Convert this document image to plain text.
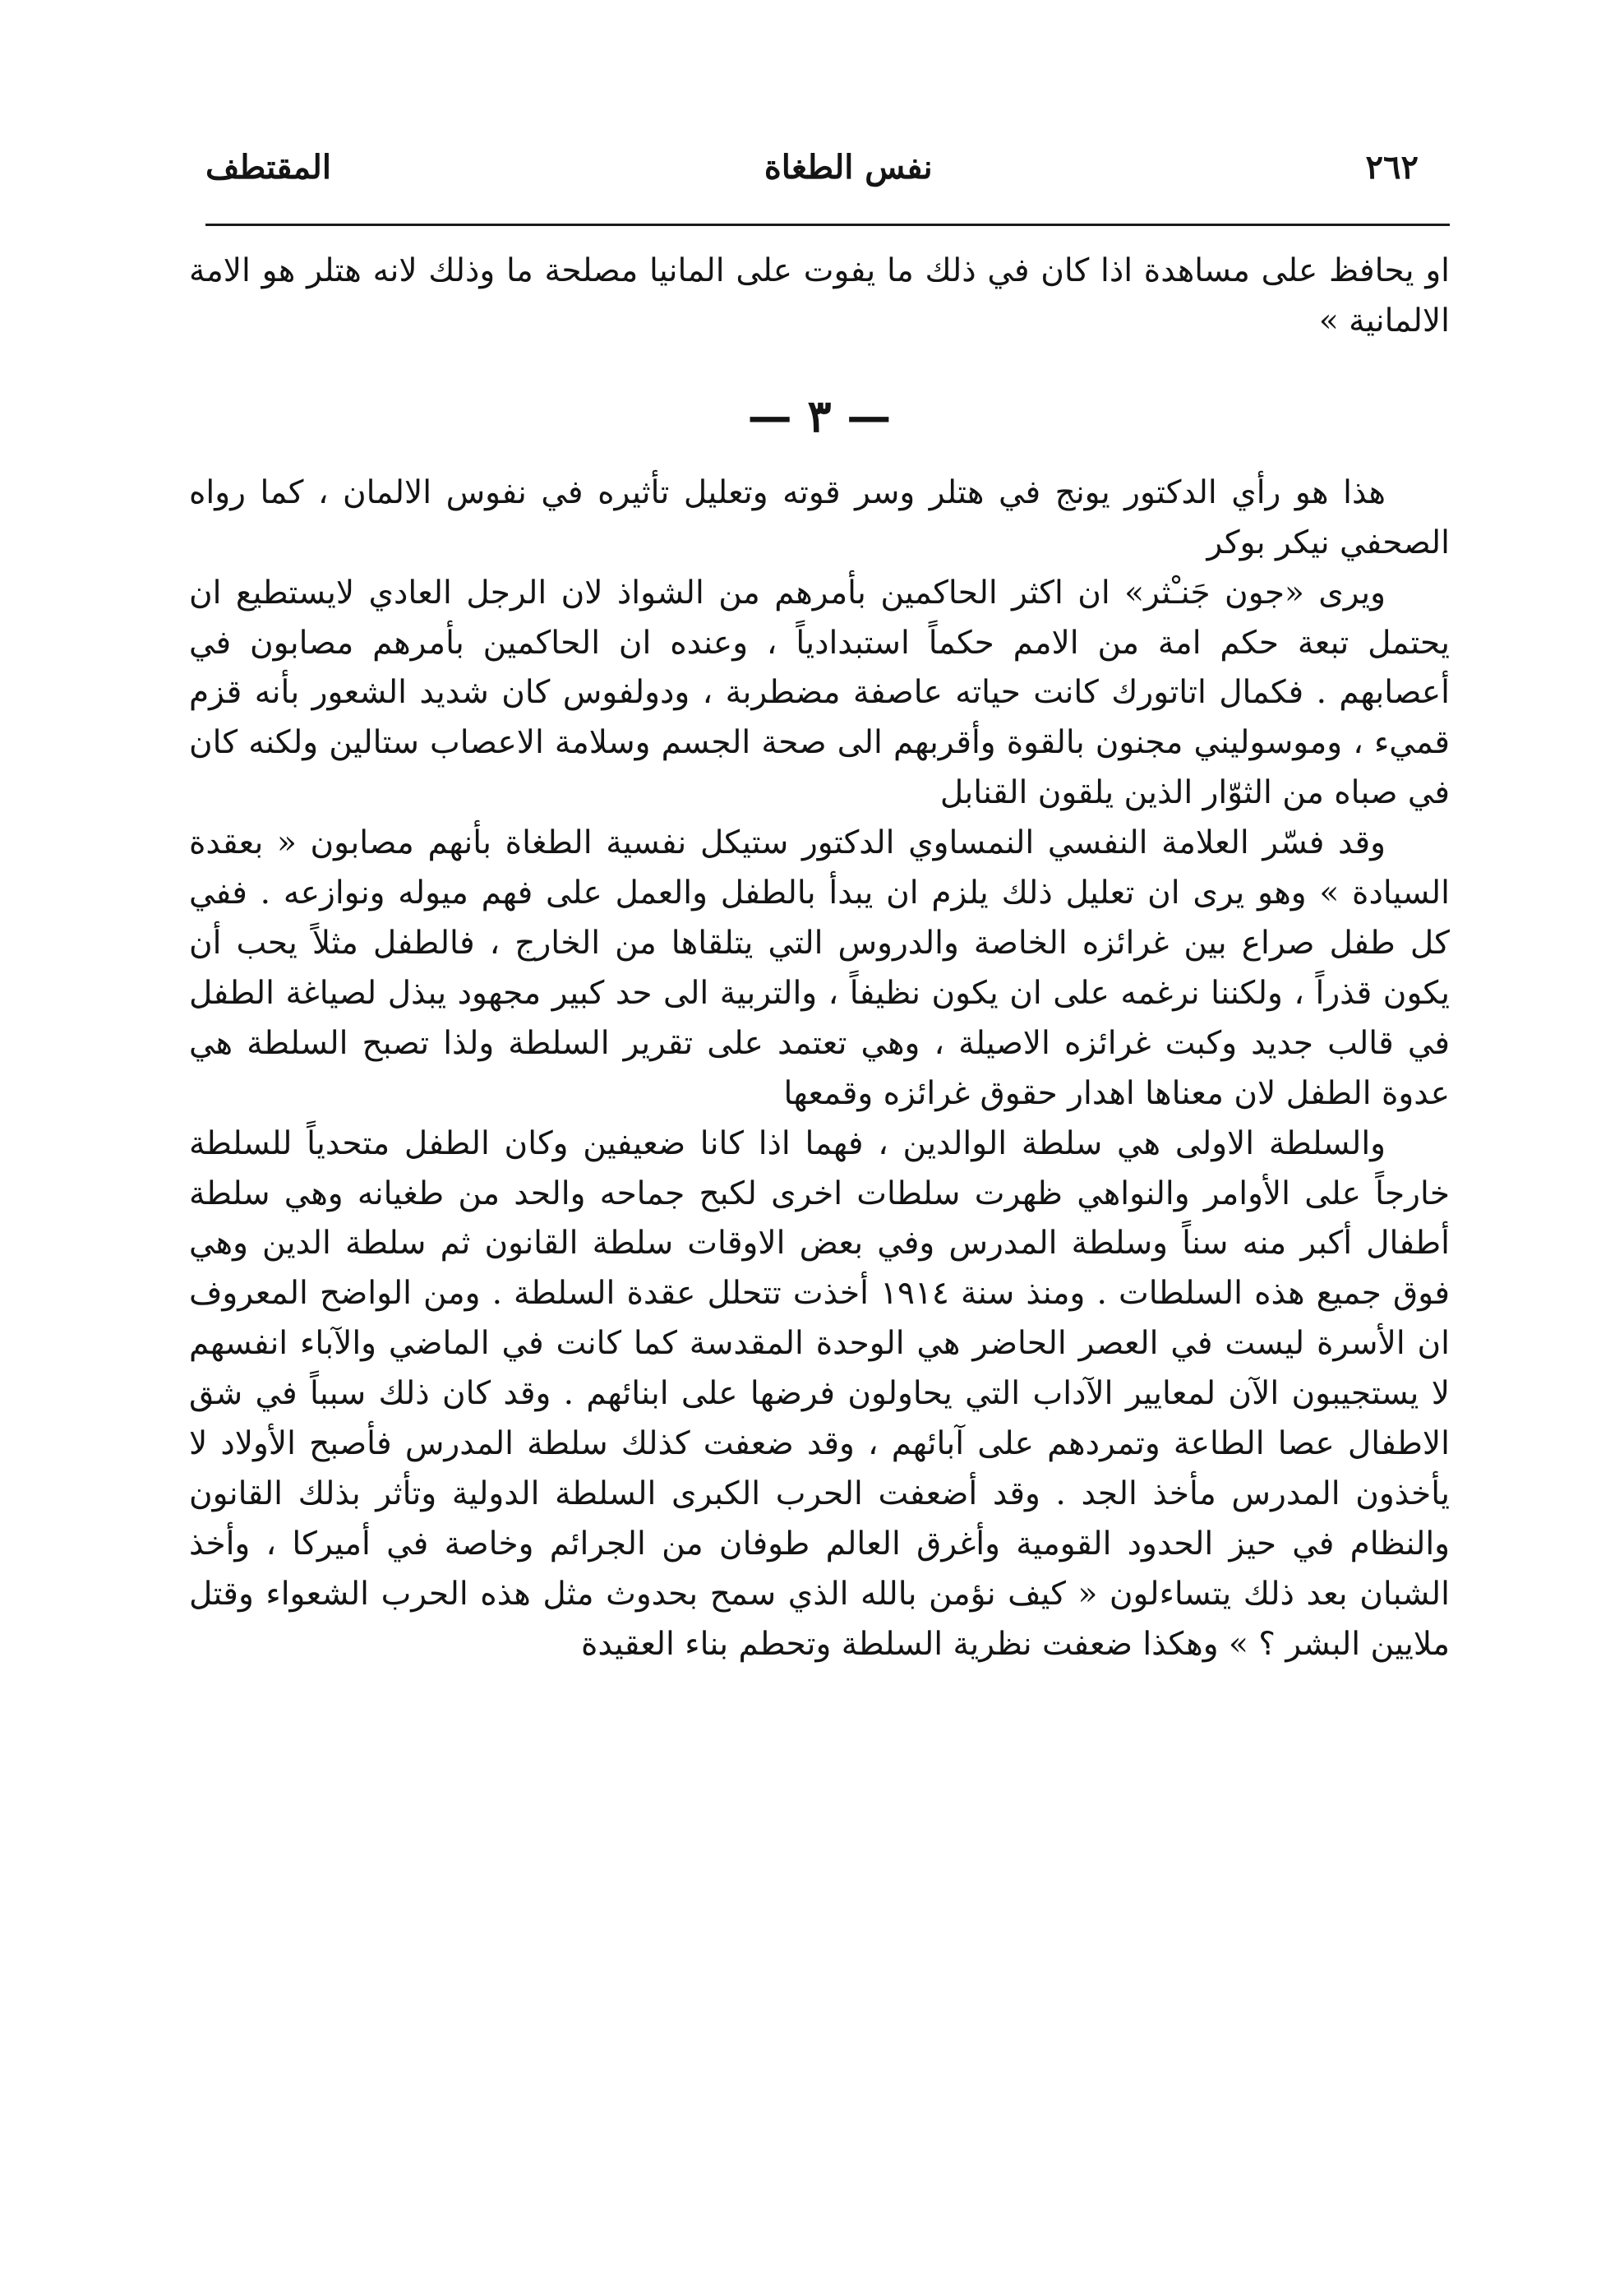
٢٦٢
نفس الطغاة
المقتطف

او يحافظ على مساهدة اذا كان في ذلك ما يفوت على المانيا مصلحة ما وذلك لانه هتلر هو الامة الالمانية »

— ٣ —

هذا هو رأي الدكتور يونج في هتلر وسر قوته وتعليل تأثيره في نفوس الالمان ، كما رواه الصحفي نيكر بوكر

ويرى «جون جَنـْثر» ان اكثر الحاكمين بأمرهم من الشواذ لان الرجل العادي لايستطيع ان يحتمل تبعة حكم امة من الامم حكماً استبدادياً ، وعنده ان الحاكمين بأمرهم مصابون في أعصابهم . فكمال اتاتورك كانت حياته عاصفة مضطربة ، ودولفوس كان شديد الشعور بأنه قزم قميء ، وموسوليني مجنون بالقوة وأقربهم الى صحة الجسم وسلامة الاعصاب ستالين ولكنه كان في صباه من الثوّار الذين يلقون القنابل

وقد فسّر العلامة النفسي النمساوي الدكتور ستيكل نفسية الطغاة بأنهم مصابون « بعقدة السيادة » وهو يرى ان تعليل ذلك يلزم ان يبدأ بالطفل والعمل على فهم ميوله ونوازعه . ففي كل طفل صراع بين غرائزه الخاصة والدروس التي يتلقاها من الخارج ، فالطفل مثلاً يحب أن يكون قذراً ، ولكننا نرغمه على ان يكون نظيفاً ، والتربية الى حد كبير مجهود يبذل لصياغة الطفل في قالب جديد وكبت غرائزه الاصيلة ، وهي تعتمد على تقرير السلطة ولذا تصبح السلطة هي عدوة الطفل لان معناها اهدار حقوق غرائزه وقمعها

والسلطة الاولى هي سلطة الوالدين ، فهما اذا كانا ضعيفين وكان الطفل متحدياً للسلطة خارجاً على الأوامر والنواهي ظهرت سلطات اخرى لكبح جماحه والحد من طغيانه وهي سلطة أطفال أكبر منه سناً وسلطة المدرس وفي بعض الاوقات سلطة القانون ثم سلطة الدين وهي فوق جميع هذه السلطات . ومنذ سنة ١٩١٤ أخذت تتحلل عقدة السلطة . ومن الواضح المعروف ان الأسرة ليست في العصر الحاضر هي الوحدة المقدسة كما كانت في الماضي والآباء انفسهم لا يستجيبون الآن لمعايير الآداب التي يحاولون فرضها على ابنائهم . وقد كان ذلك سبباً في شق الاطفال عصا الطاعة وتمردهم على آبائهم ، وقد ضعفت كذلك سلطة المدرس فأصبح الأولاد لا يأخذون المدرس مأخذ الجد . وقد أضعفت الحرب الكبرى السلطة الدولية وتأثر بذلك القانون والنظام في حيز الحدود القومية وأغرق العالم طوفان من الجرائم وخاصة في أميركا ، وأخذ الشبان بعد ذلك يتساءلون « كيف نؤمن بالله الذي سمح بحدوث مثل هذه الحرب الشعواء وقتل ملايين البشر ؟ » وهكذا ضعفت نظرية السلطة وتحطم بناء العقيدة
